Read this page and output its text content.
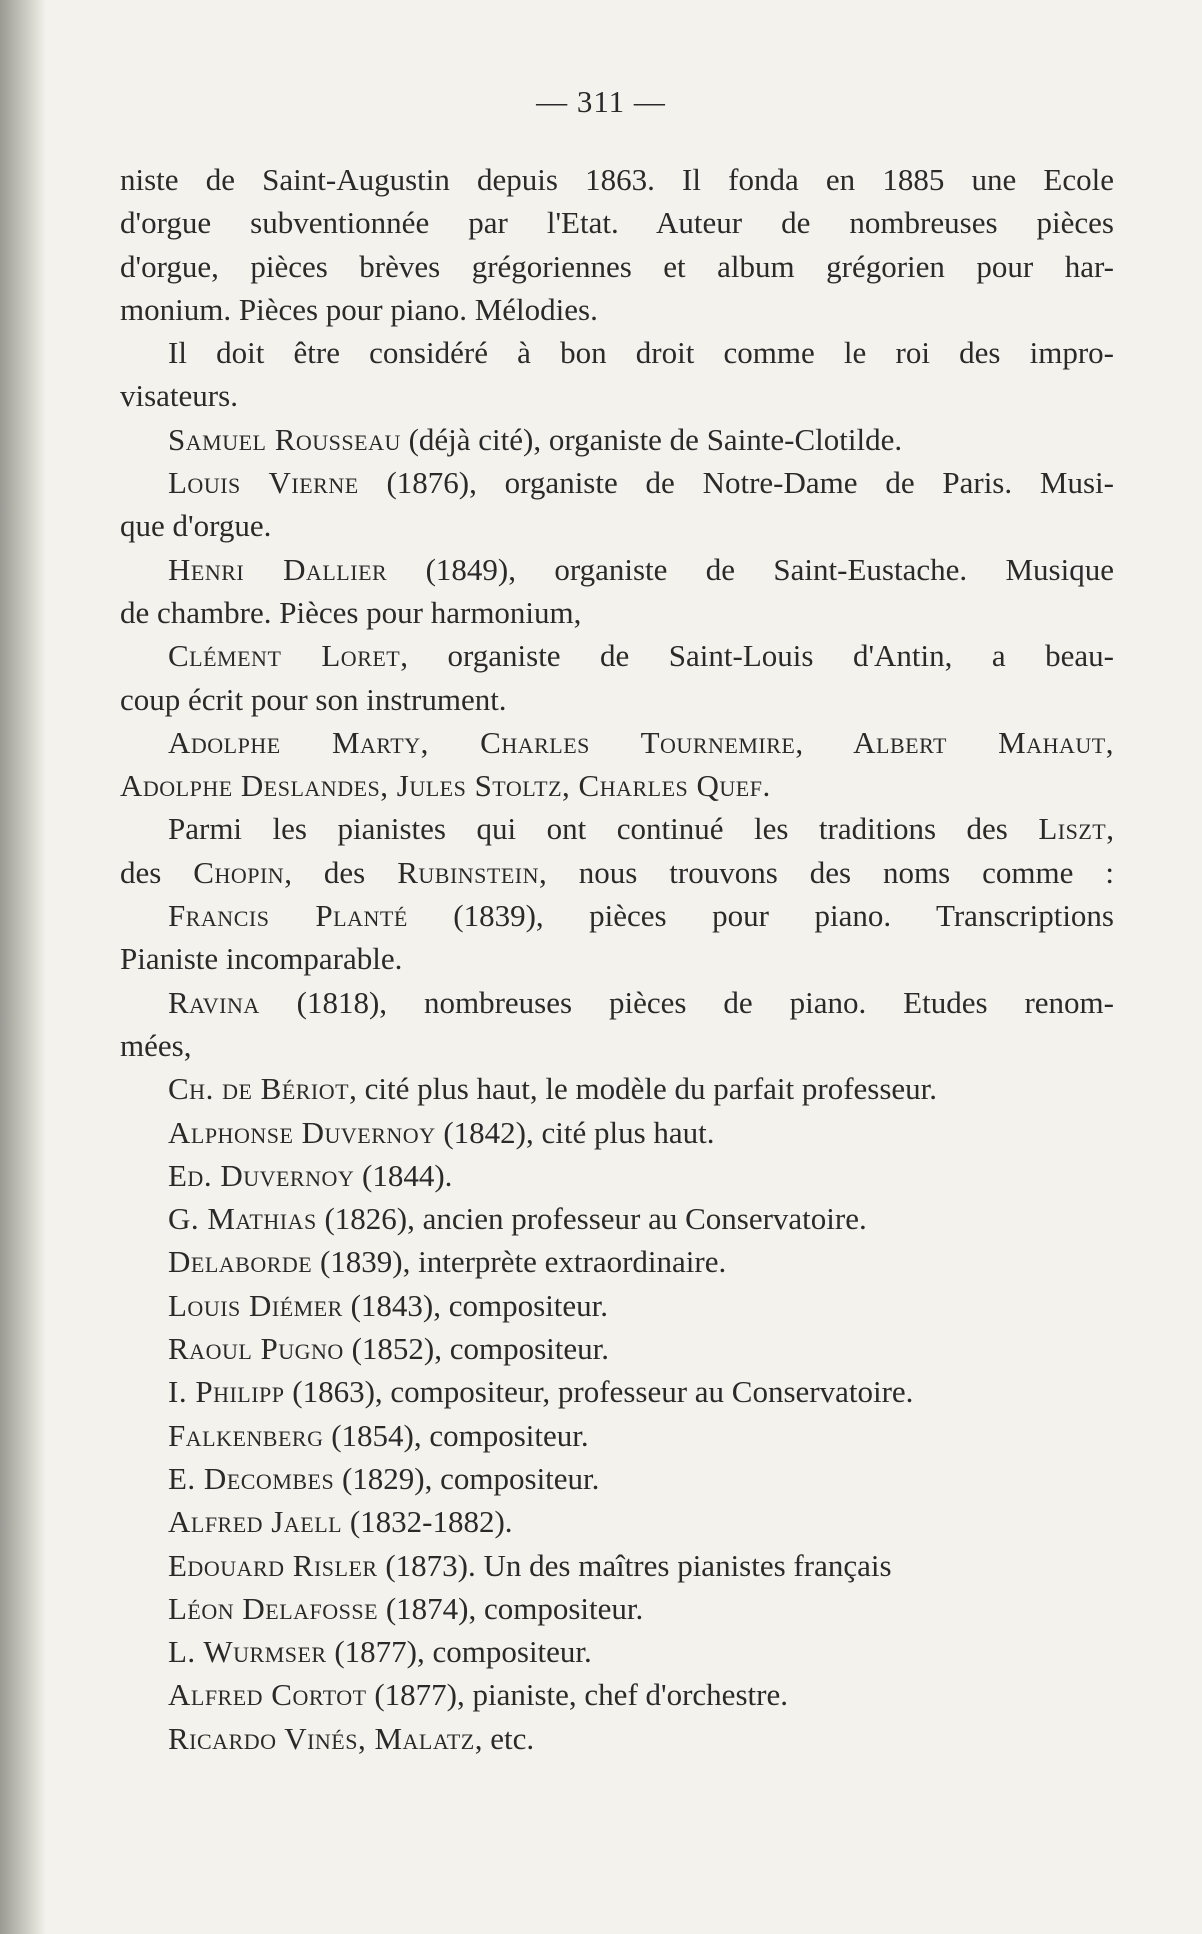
— 311 —

niste de Saint-Augustin depuis 1863. Il fonda en 1885 une Ecole
d'orgue subventionnée par l'Etat. Auteur de nombreuses pièces
d'orgue, pièces brèves grégoriennes et album grégorien pour har-
monium. Pièces pour piano. Mélodies.

Il doit être considéré à bon droit comme le roi des impro-
visateurs.

Samuel Rousseau (déjà cité), organiste de Sainte-Clotilde.

Louis Vierne (1876), organiste de Notre-Dame de Paris. Musi-
que d'orgue.

Henri Dallier (1849), organiste de Saint-Eustache. Musique
de chambre. Pièces pour harmonium,

Clément Loret, organiste de Saint-Louis d'Antin, a beau-
coup écrit pour son instrument.

Adolphe Marty, Charles Tournemire, Albert Mahaut,
Adolphe Deslandes, Jules Stoltz, Charles Quef.

Parmi les pianistes qui ont continué les traditions des Liszt,
des Chopin, des Rubinstein, nous trouvons des noms comme :

Francis Planté (1839), pièces pour piano. Transcriptions
Pianiste incomparable.

Ravina (1818), nombreuses pièces de piano. Etudes renom-
mées,

Ch. de Bériot, cité plus haut, le modèle du parfait professeur.
Alphonse Duvernoy (1842), cité plus haut.
Ed. Duvernoy (1844).
G. Mathias (1826), ancien professeur au Conservatoire.
Delaborde (1839), interprète extraordinaire.
Louis Diémer (1843), compositeur.
Raoul Pugno (1852), compositeur.
I. Philipp (1863), compositeur, professeur au Conservatoire.
Falkenberg (1854), compositeur.
E. Decombes (1829), compositeur.
Alfred Jaell (1832-1882).
Edouard Risler (1873). Un des maîtres pianistes français
Léon Delafosse (1874), compositeur.
L. Wurmser (1877), compositeur.
Alfred Cortot (1877), pianiste, chef d'orchestre.
Ricardo Vinés, Malatz, etc.
